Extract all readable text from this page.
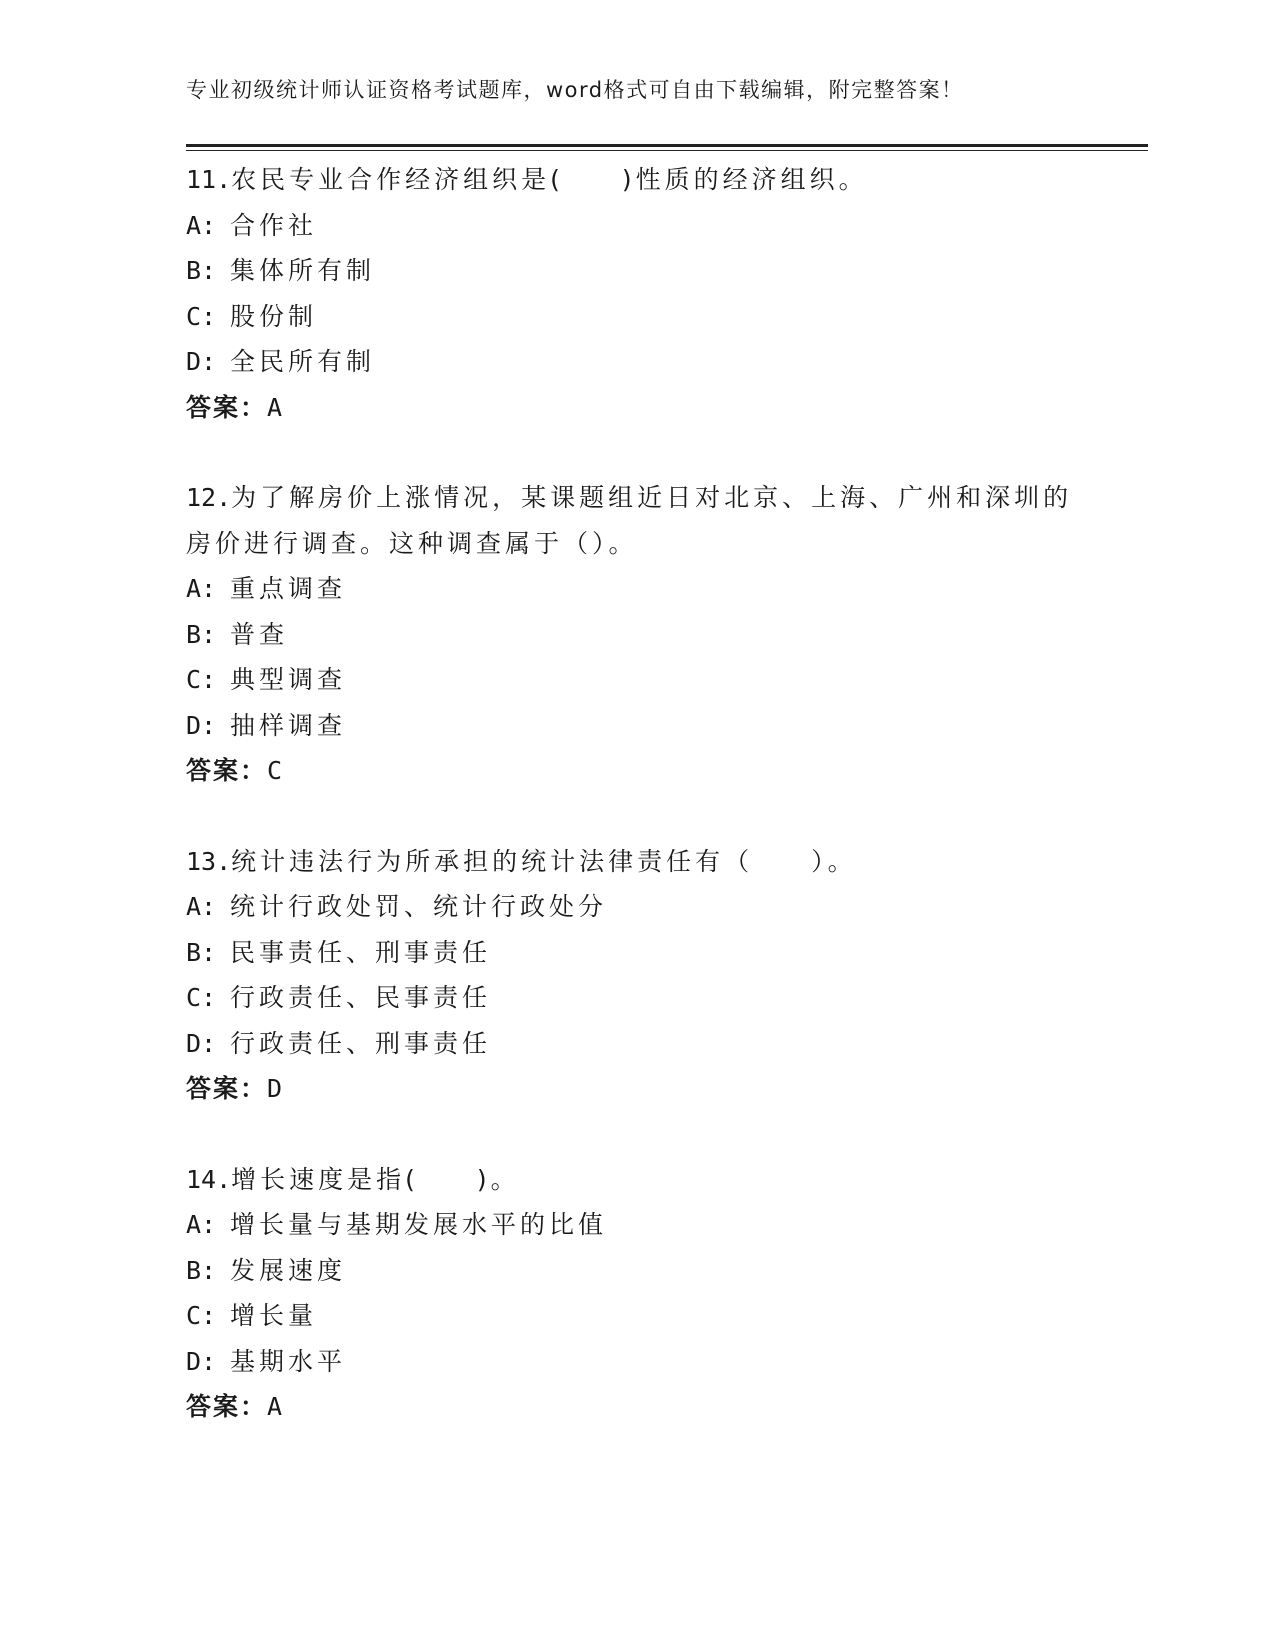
专业初级统计师认证资格考试题库，word格式可自由下载编辑，附完整答案！
11.农民专业合作经济组织是(　　)性质的经济组织。
A: 合作社
B: 集体所有制
C: 股份制
D: 全民所有制
答案：A
12.为了解房价上涨情况，某课题组近日对北京、上海、广州和深圳的
房价进行调查。这种调查属于（）。
A: 重点调查
B: 普查
C: 典型调查
D: 抽样调查
答案：C
13.统计违法行为所承担的统计法律责任有（　　）。
A: 统计行政处罚、统计行政处分
B: 民事责任、刑事责任
C: 行政责任、民事责任
D: 行政责任、刑事责任
答案：D
14.增长速度是指(　　)。
A: 增长量与基期发展水平的比值
B: 发展速度
C: 增长量
D: 基期水平
答案：A
